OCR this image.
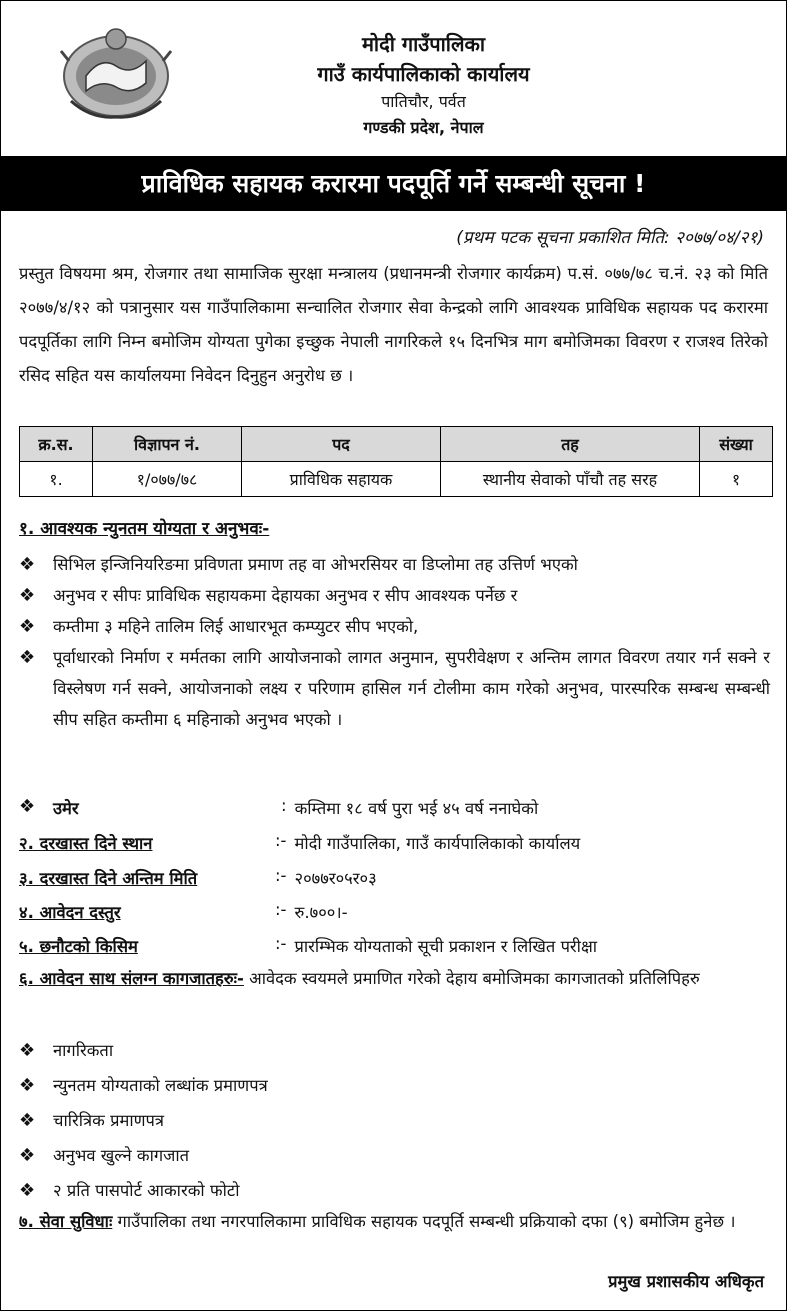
मोदी गाउँपालिका
गाउँ कार्यपालिकाको कार्यालय
पातिचौर, पर्वत
गण्डकी प्रदेश, नेपाल
प्राविधिक सहायक करारमा पदपूर्ति गर्ने सम्बन्धी सूचना !
(प्रथम पटक सूचना प्रकाशित मिति: २०७७/०४/२१)
प्रस्तुत विषयमा श्रम, रोजगार तथा सामाजिक सुरक्षा मन्त्रालय (प्रधानमन्त्री रोजगार कार्यक्रम) प.सं. ०७७/७८ च.नं. २३ को मिति २०७७/४/१२ को पत्रानुसार यस गाउँपालिकामा सन्चालित रोजगार सेवा केन्द्रको लागि आवश्यक प्राविधिक सहायक पद करारमा पदपूर्तिका लागि निम्न बमोजिम योग्यता पुगेका इच्छुक नेपाली नागरिकले १५ दिनभित्र माग बमोजिमका विवरण र राजश्व तिरेको रसिद सहित यस कार्यालयमा निवेदन दिनुहुन अनुरोध छ ।
क्र.स.	विज्ञापन नं.	पद	तह	संख्या
१.	१/०७७/७८	प्राविधिक सहायक	स्थानीय सेवाको पाँचौ तह सरह	१
१. आवश्यक न्युनतम योग्यता र अनुभवः-
❖	सिभिल इन्जिनियरिङमा प्रविणता प्रमाण तह वा ओभरसियर वा डिप्लोमा तह उत्तिर्ण भएको
❖	अनुभव र सीपः प्राविधिक सहायकमा देहायका अनुभव र सीप आवश्यक पर्नेछ र
❖	कम्तीमा ३ महिने तालिम लिई आधारभूत कम्प्युटर सीप भएको,
❖	पूर्वाधारको निर्माण र मर्मतका लागि आयोजनाको लागत अनुमान, सुपरीवेक्षण र अन्तिम लागत विवरण तयार गर्न सक्ने र विस्लेषण गर्न सक्ने, आयोजनाको लक्ष्य र परिणाम हासिल गर्न टोलीमा काम गरेको अनुभव, पारस्परिक सम्बन्ध सम्बन्धी सीप सहित कम्तीमा ६ महिनाको अनुभव भएको ।
❖	उमेर	: कम्तिमा १८ वर्ष पुरा भई ४५ वर्ष ननाघेको
२. दरखास्त दिने स्थान	:- मोदी गाउँपालिका, गाउँ कार्यपालिकाको कार्यालय
३. दरखास्त दिने अन्तिम मिति	:- २०७७र०५र०३
४. आवेदन दस्तुर	:- रु.७००।-
५. छनौटको किसिम	:- प्रारम्भिक योग्यताको सूची प्रकाशन र लिखित परीक्षा
६. आवेदन साथ संलग्न कागजातहरुः- आवेदक स्वयमले प्रमाणित गरेको देहाय बमोजिमका कागजातको प्रतिलिपिहरु
❖	नागरिकता
❖	न्युनतम योग्यताको लब्धांक प्रमाणपत्र
❖	चारित्रिक प्रमाणपत्र
❖	अनुभव खुल्ने कागजात
❖	२ प्रति पासपोर्ट आकारको फोटो
७. सेवा सुविधाः गाउँपालिका तथा नगरपालिकामा प्राविधिक सहायक पदपूर्ति सम्बन्धी प्रक्रियाको दफा (९) बमोजिम हुनेछ ।
प्रमुख प्रशासकीय अधिकृत
